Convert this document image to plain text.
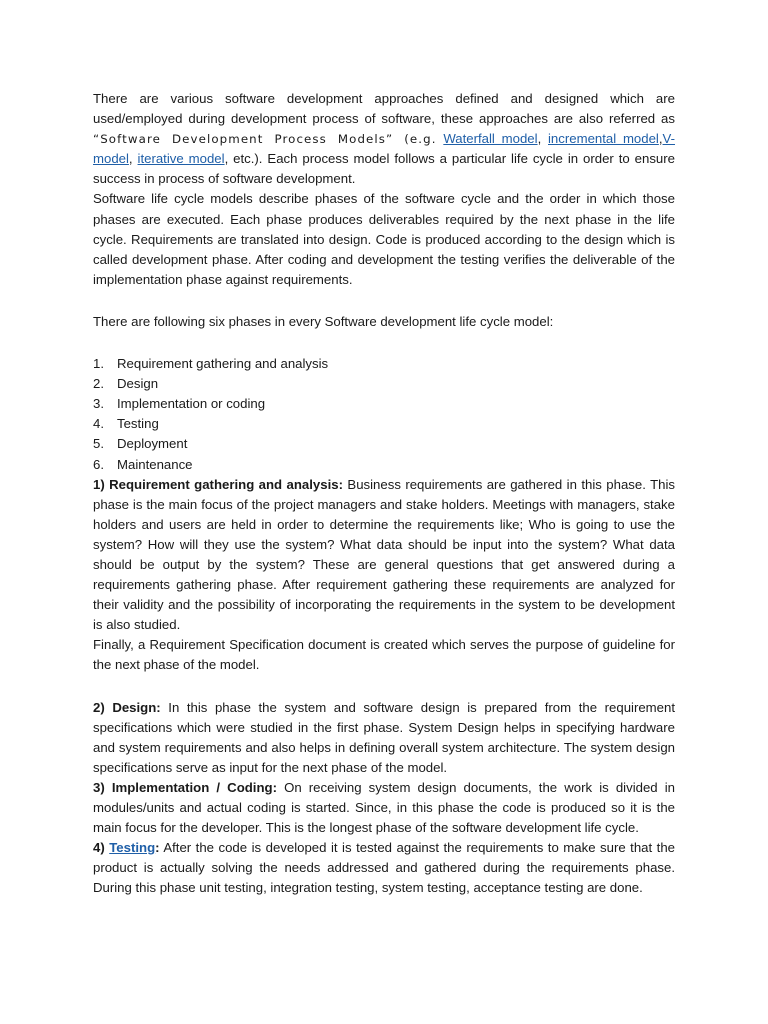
There are various software development approaches defined and designed which are used/employed during development process of software, these approaches are also referred as “Software Development Process Models” (e.g. Waterfall model, incremental model,V-model, iterative model, etc.). Each process model follows a particular life cycle in order to ensure success in process of software development.

Software life cycle models describe phases of the software cycle and the order in which those phases are executed. Each phase produces deliverables required by the next phase in the life cycle. Requirements are translated into design. Code is produced according to the design which is called development phase. After coding and development the testing verifies the deliverable of the implementation phase against requirements.

There are following six phases in every Software development life cycle model:

1. Requirement gathering and analysis
2. Design
3. Implementation or coding
4. Testing
5. Deployment
6. Maintenance

1) Requirement gathering and analysis: Business requirements are gathered in this phase. This phase is the main focus of the project managers and stake holders. Meetings with managers, stake holders and users are held in order to determine the requirements like; Who is going to use the system? How will they use the system? What data should be input into the system? What data should be output by the system? These are general questions that get answered during a requirements gathering phase. After requirement gathering these requirements are analyzed for their validity and the possibility of incorporating the requirements in the system to be development is also studied.

Finally, a Requirement Specification document is created which serves the purpose of guideline for the next phase of the model.

2) Design: In this phase the system and software design is prepared from the requirement specifications which were studied in the first phase. System Design helps in specifying hardware and system requirements and also helps in defining overall system architecture. The system design specifications serve as input for the next phase of the model.

3) Implementation / Coding: On receiving system design documents, the work is divided in modules/units and actual coding is started. Since, in this phase the code is produced so it is the main focus for the developer. This is the longest phase of the software development life cycle.

4) Testing: After the code is developed it is tested against the requirements to make sure that the product is actually solving the needs addressed and gathered during the requirements phase. During this phase unit testing, integration testing, system testing, acceptance testing are done.
